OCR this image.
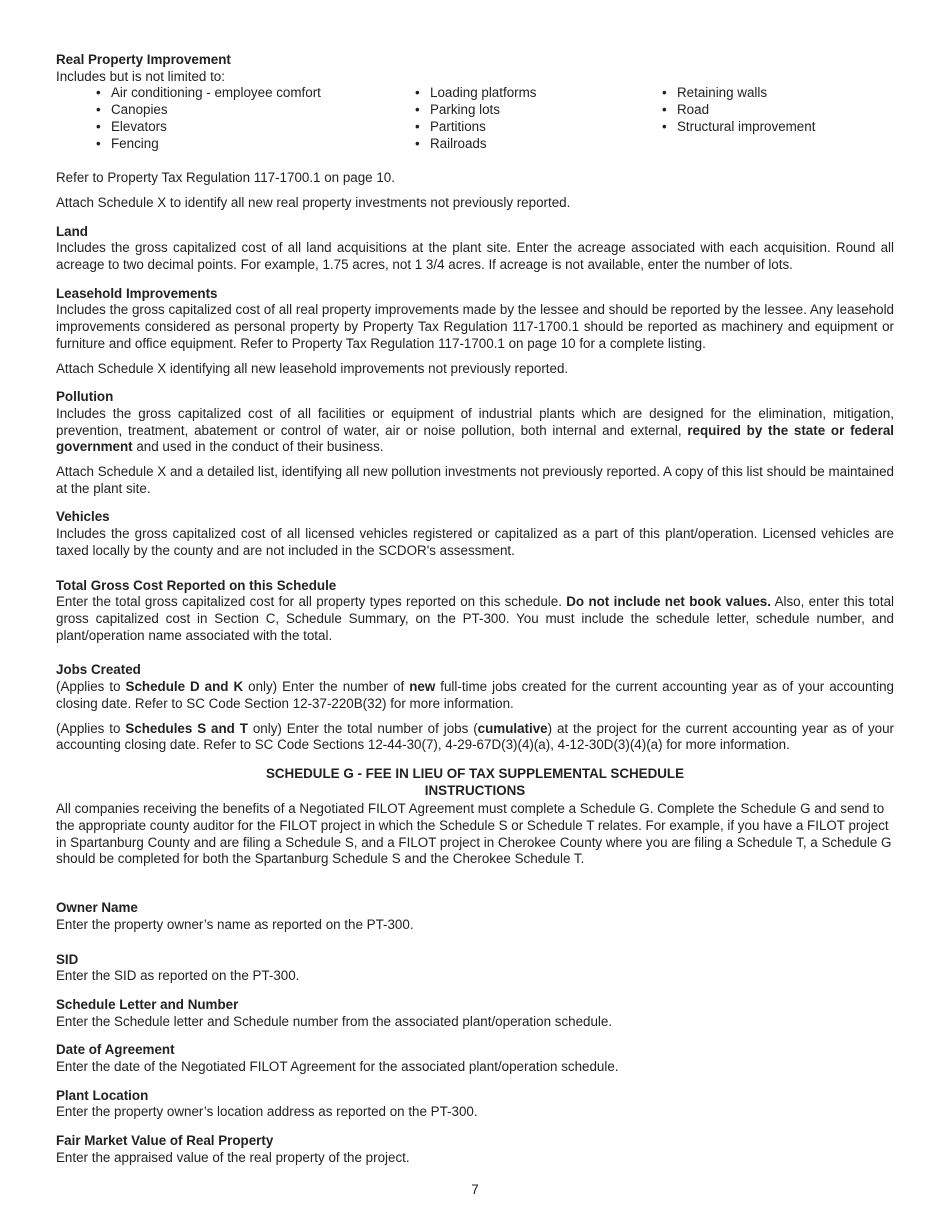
Real Property Improvement

Includes but is not limited to:

• Air conditioning - employee comfort
• Canopies
• Elevators
• Fencing
• Loading platforms
• Parking lots
• Partitions
• Railroads
• Retaining walls
• Road
• Structural improvement

Refer to Property Tax Regulation 117-1700.1 on page 10.

Attach Schedule X to identify all new real property investments not previously reported.

Land

Includes the gross capitalized cost of all land acquisitions at the plant site. Enter the acreage associated with each acquisition. Round all acreage to two decimal points. For example, 1.75 acres, not 1 3/4 acres. If acreage is not available, enter the number of lots.

Leasehold Improvements

Includes the gross capitalized cost of all real property improvements made by the lessee and should be reported by the lessee. Any leasehold improvements considered as personal property by Property Tax Regulation 117-1700.1 should be reported as machinery and equipment or furniture and office equipment. Refer to Property Tax Regulation 117-1700.1 on page 10 for a complete listing.

Attach Schedule X identifying all new leasehold improvements not previously reported.

Pollution

Includes the gross capitalized cost of all facilities or equipment of industrial plants which are designed for the elimination, mitigation, prevention, treatment, abatement or control of water, air or noise pollution, both internal and external, required by the state or federal government and used in the conduct of their business.

Attach Schedule X and a detailed list, identifying all new pollution investments not previously reported. A copy of this list should be maintained at the plant site.

Vehicles

Includes the gross capitalized cost of all licensed vehicles registered or capitalized as a part of this plant/operation. Licensed vehicles are taxed locally by the county and are not included in the SCDOR's assessment.

Total Gross Cost Reported on this Schedule

Enter the total gross capitalized cost for all property types reported on this schedule. Do not include net book values. Also, enter this total gross capitalized cost in Section C, Schedule Summary, on the PT-300. You must include the schedule letter, schedule number, and plant/operation name associated with the total.

Jobs Created

(Applies to Schedule D and K only) Enter the number of new full-time jobs created for the current accounting year as of your accounting closing date. Refer to SC Code Section 12-37-220B(32) for more information.

(Applies to Schedules S and T only) Enter the total number of jobs (cumulative) at the project for the current accounting year as of your accounting closing date. Refer to SC Code Sections 12-44-30(7), 4-29-67D(3)(4)(a), 4-12-30D(3)(4)(a) for more information.

SCHEDULE G - FEE IN LIEU OF TAX SUPPLEMENTAL SCHEDULE
INSTRUCTIONS

All companies receiving the benefits of a Negotiated FILOT Agreement must complete a Schedule G. Complete the Schedule G and send to the appropriate county auditor for the FILOT project in which the Schedule S or Schedule T relates. For example, if you have a FILOT project in Spartanburg County and are filing a Schedule S, and a FILOT project in Cherokee County where you are filing a Schedule T, a Schedule G should be completed for both the Spartanburg Schedule S and the Cherokee Schedule T.

Owner Name

Enter the property owner’s name as reported on the PT-300.

SID

Enter the SID as reported on the PT-300.

Schedule Letter and Number

Enter the Schedule letter and Schedule number from the associated plant/operation schedule.

Date of Agreement

Enter the date of the Negotiated FILOT Agreement for the associated plant/operation schedule.

Plant Location

Enter the property owner’s location address as reported on the PT-300.

Fair Market Value of Real Property

Enter the appraised value of the real property of the project.

7
